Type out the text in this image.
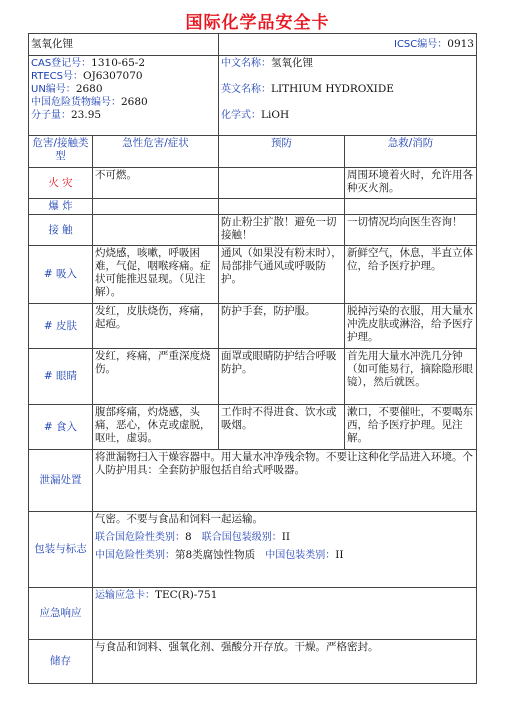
国际化学品安全卡
氢氧化锂		ICSC编号：0913	

CAS登记号：1310-65-2
RTECS号：OJ6307070
UN编号：2680
中国危险货物编号：2680
分子量：23.95		中文名称：氢氧化锂

英文名称：LITHIUM HYDROXIDE

化学式：LiOH	

危害/接触类型	急性危害/症状	预防	急救/消防
火 灾	不可燃。		周围环境着火时，允许用各种灭火剂。
爆 炸			
接 触		防止粉尘扩散！避免一切接触！	一切情况均向医生咨询！
# 吸入	灼烧感，咳嗽，呼吸困难，气促，咽喉疼痛。症状可能推迟显现。（见注解）。	通风（如果没有粉末时），局部排气通风或呼吸防护。	新鲜空气，休息，半直立体位，给予医疗护理。
# 皮肤	发红，皮肤烧伤，疼痛，起疱。	防护手套，防护服。	脱掉污染的衣服，用大量水冲洗皮肤或淋浴，给予医疗护理。
# 眼睛	发红，疼痛，严重深度烧伤。	面罩或眼睛防护结合呼吸防护。	首先用大量水冲洗几分钟（如可能易行，摘除隐形眼镜），然后就医。
# 食入	腹部疼痛，灼烧感，头痛，恶心，休克或虚脱，呕吐，虚弱。	工作时不得进食、饮水或吸烟。	漱口，不要催吐，不要喝东西，给予医疗护理。见注解。
泄漏处置	将泄漏物扫入干燥容器中。用大量水冲净残余物。不要让这种化学品进入环境。个人防护用具：全套防护服包括自给式呼吸器。		
包装与标志	气密。不要与食品和饲料一起运输。
联合国危险性类别：8 联合国包装级别：II
中国危险性类别：第8类腐蚀性物质 中国包装类别：II		

应急响应	运输应急卡：TEC(R)-751		
储存	与食品和饲料、强氧化剂、强酸分开存放。干燥。严格密封。		
